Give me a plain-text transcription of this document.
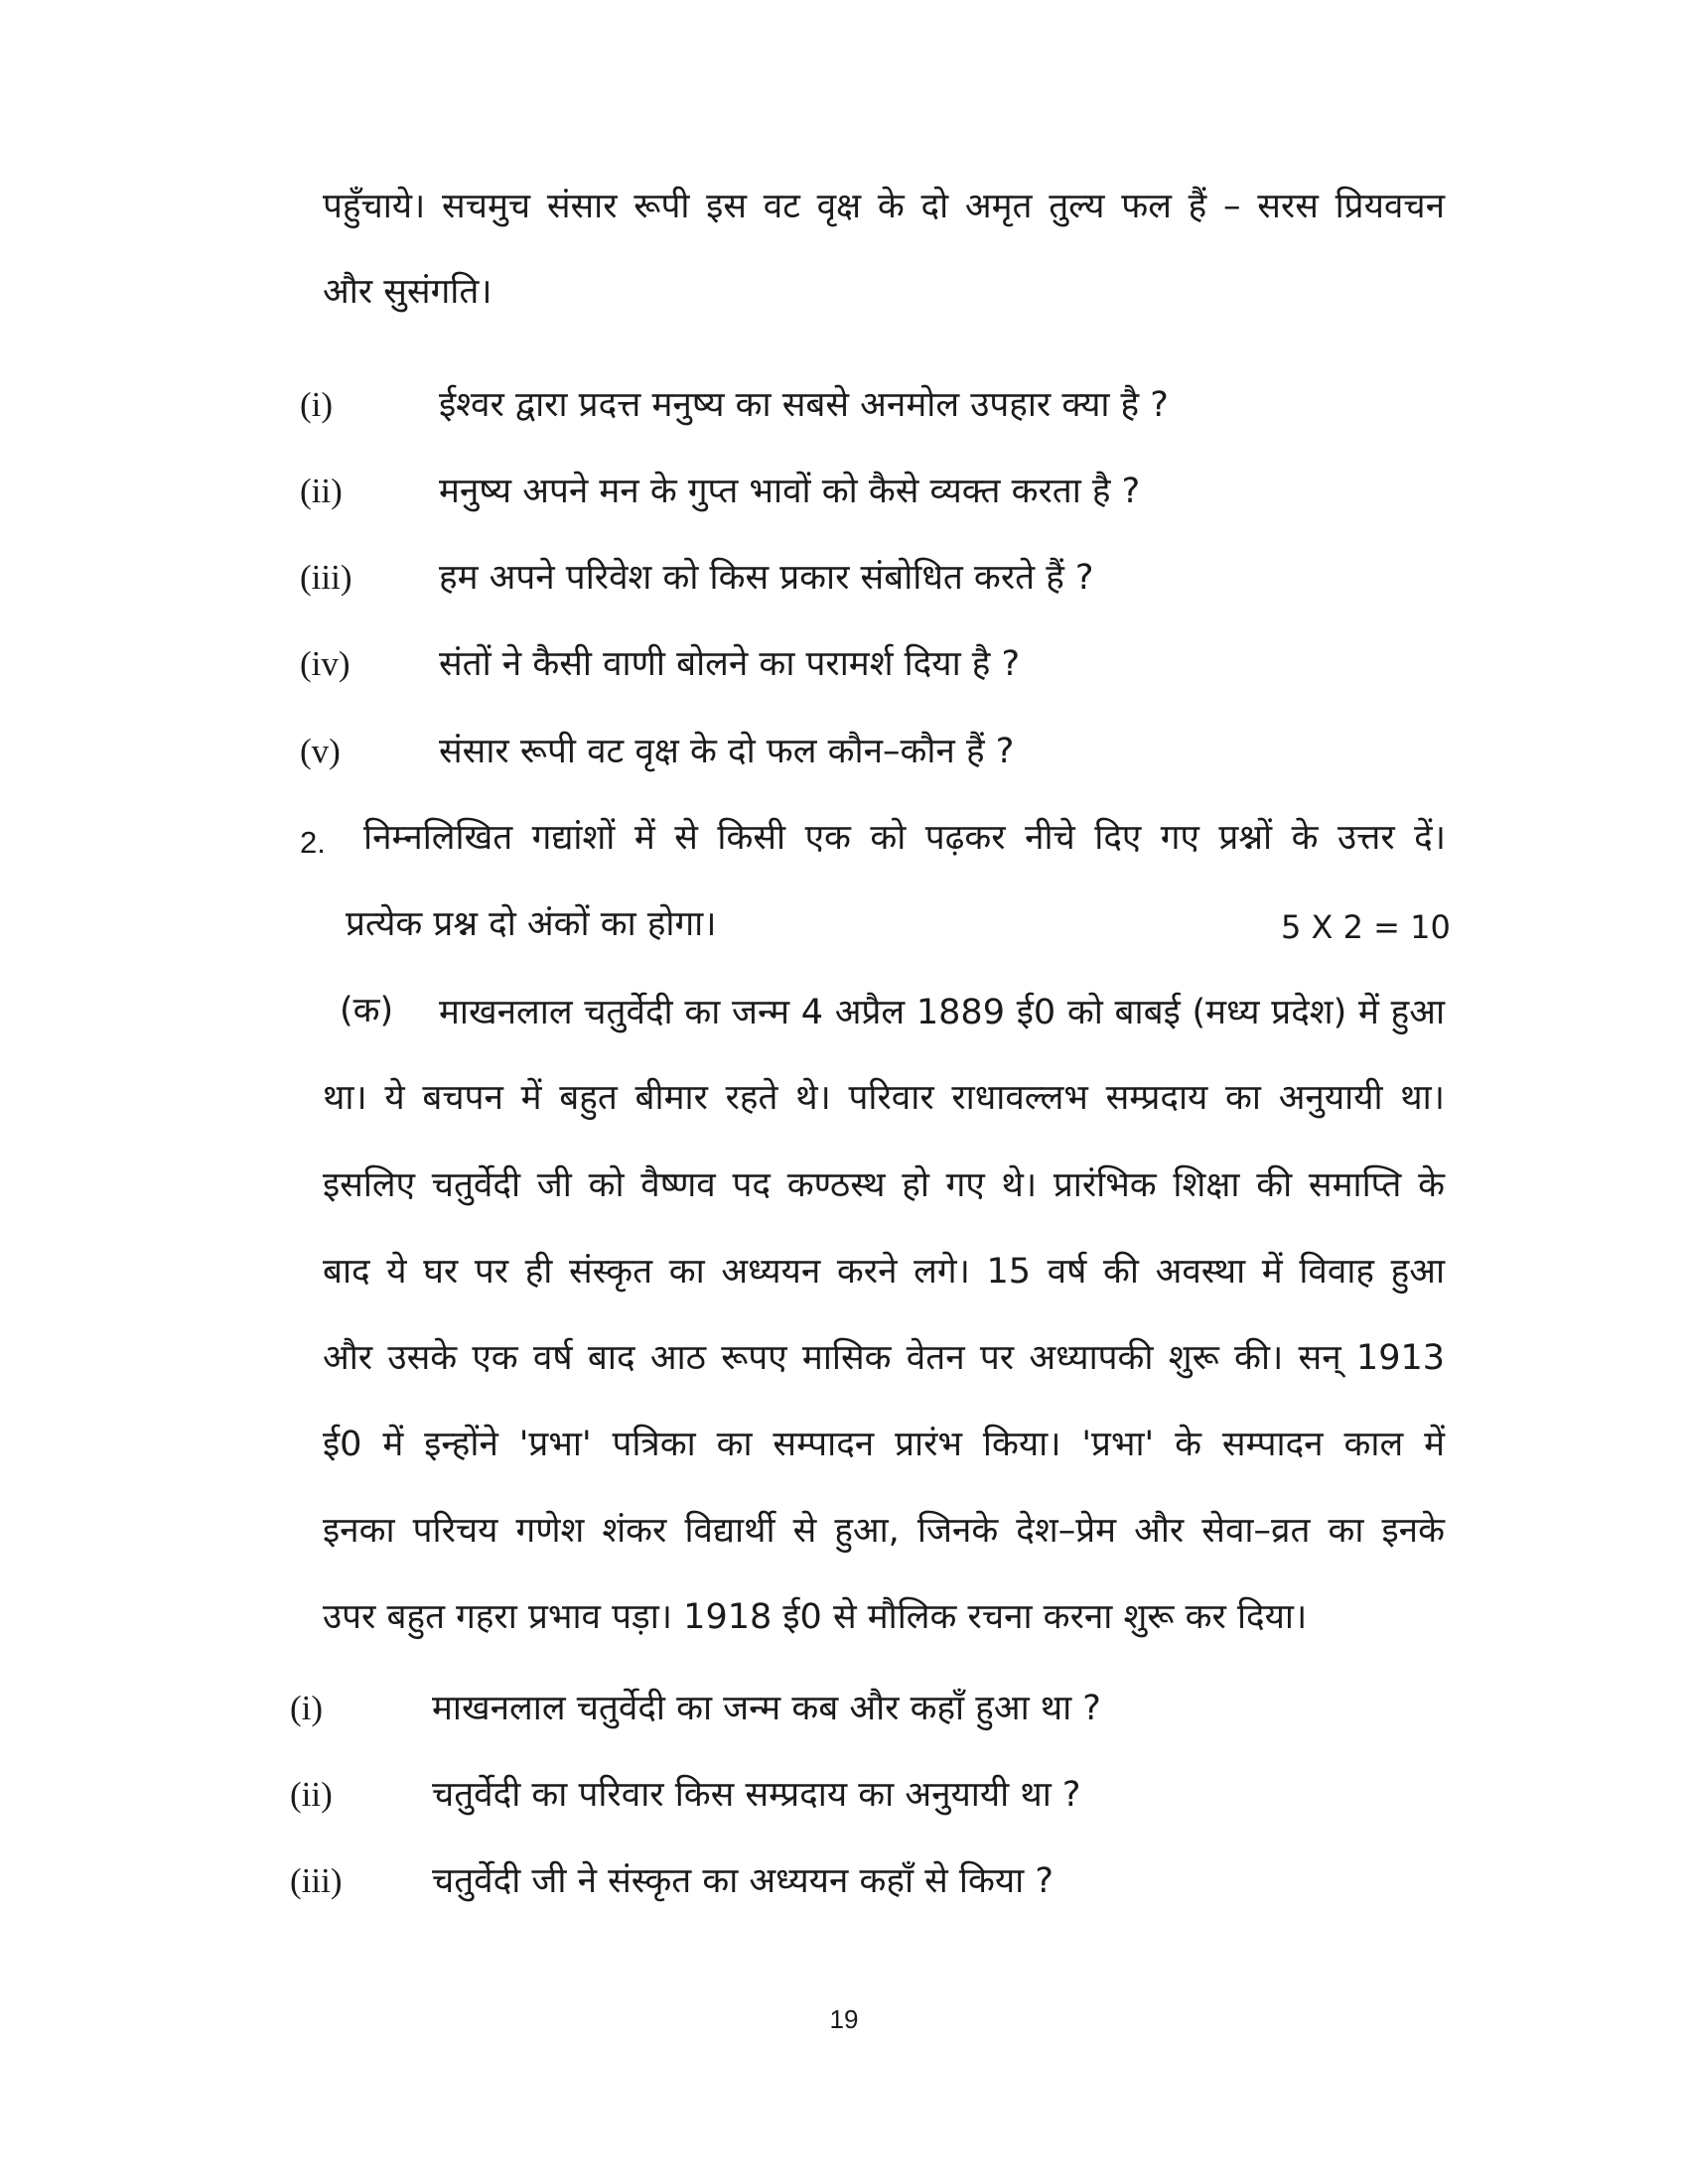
पहुँचाये। सचमुच संसार रूपी इस वट वृक्ष के दो अमृत तुल्य फल हैं – सरस प्रियवचन
और सुसंगति।
(i)	ईश्वर द्वारा प्रदत्त मनुष्य का सबसे अनमोल उपहार क्या है ?
(ii)	मनुष्य अपने मन के गुप्त भावों को कैसे व्यक्त करता है ?
(iii)	हम अपने परिवेश को किस प्रकार संबोधित करते हैं ?
(iv)	संतों ने कैसी वाणी बोलने का परामर्श दिया है ?
(v)	संसार रूपी वट वृक्ष के दो फल कौन–कौन हैं ?
2. निम्नलिखित गद्यांशों में से किसी एक को पढ़कर नीचे दिए गए प्रश्नों के उत्तर दें।
प्रत्येक प्रश्न दो अंकों का होगा।	5 X 2 = 10
(क) माखनलाल चतुर्वेदी का जन्म 4 अप्रैल 1889 ई0 को बाबई (मध्य प्रदेश) में हुआ
था। ये बचपन में बहुत बीमार रहते थे। परिवार राधावल्लभ सम्प्रदाय का अनुयायी था।
इसलिए चतुर्वेदी जी को वैष्णव पद कण्ठस्थ हो गए थे। प्रारंभिक शिक्षा की समाप्ति के
बाद ये घर पर ही संस्कृत का अध्ययन करने लगे। 15 वर्ष की अवस्था में विवाह हुआ
और उसके एक वर्ष बाद आठ रूपए मासिक वेतन पर अध्यापकी शुरू की। सन् 1913
ई0 में इन्होंने 'प्रभा' पत्रिका का सम्पादन प्रारंभ किया। 'प्रभा' के सम्पादन काल में
इनका परिचय गणेश शंकर विद्यार्थी से हुआ, जिनके देश–प्रेम और सेवा–व्रत का इनके
उपर बहुत गहरा प्रभाव पड़ा। 1918 ई0 से मौलिक रचना करना शुरू कर दिया।
(i)	माखनलाल चतुर्वेदी का जन्म कब और कहाँ हुआ था ?
(ii)	चतुर्वेदी का परिवार किस सम्प्रदाय का अनुयायी था ?
(iii)	चतुर्वेदी जी ने संस्कृत का अध्ययन कहाँ से किया ?
19
